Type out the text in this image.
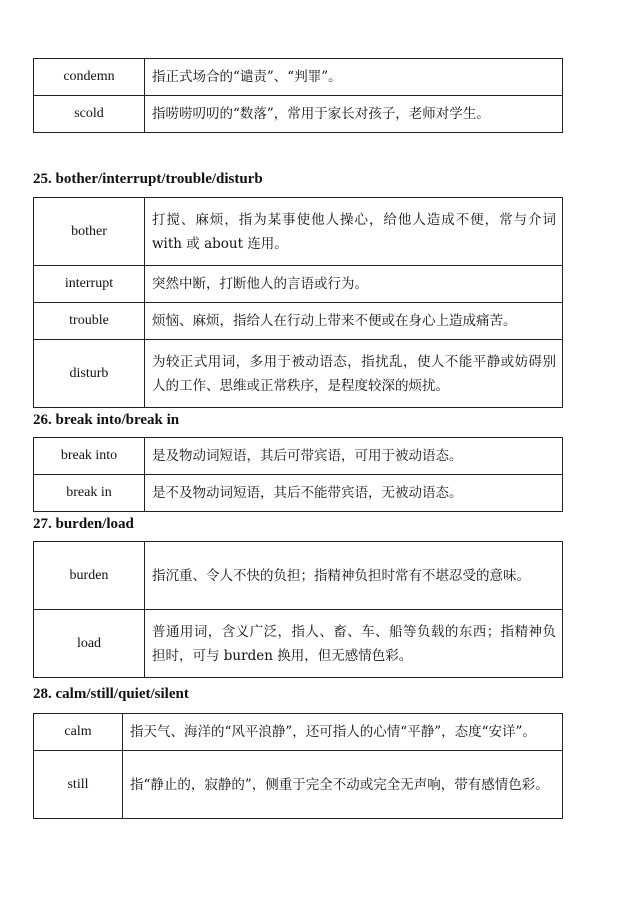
condemn	指正式场合的“谴责”、“判罪”。
scold	指唠唠叨叨的“数落”，常用于家长对孩子，老师对学生。
25. bother/interrupt/trouble/disturb
bother	打搅、麻烦，指为某事使他人操心，给他人造成不便，常与介词 with 或 about 连用。
interrupt	突然中断，打断他人的言语或行为。
trouble	烦恼、麻烦，指给人在行动上带来不便或在身心上造成痛苦。
disturb	为较正式用词，多用于被动语态，指扰乱，使人不能平静或妨碍别人的工作、思维或正常秩序，是程度较深的烦扰。
26. break into/break in
break into	是及物动词短语，其后可带宾语，可用于被动语态。
break in	是不及物动词短语，其后不能带宾语，无被动语态。
27. burden/load
burden	指沉重、令人不快的负担；指精神负担时常有不堪忍受的意味。
load	普通用词，含义广泛，指人、畜、车、船等负载的东西；指精神负担时，可与 burden 换用，但无感情色彩。
28. calm/still/quiet/silent
calm	指天气、海洋的“风平浪静”，还可指人的心情“平静”，态度“安详”。
still	指“静止的，寂静的”，侧重于完全不动或完全无声响，带有感情色彩。
